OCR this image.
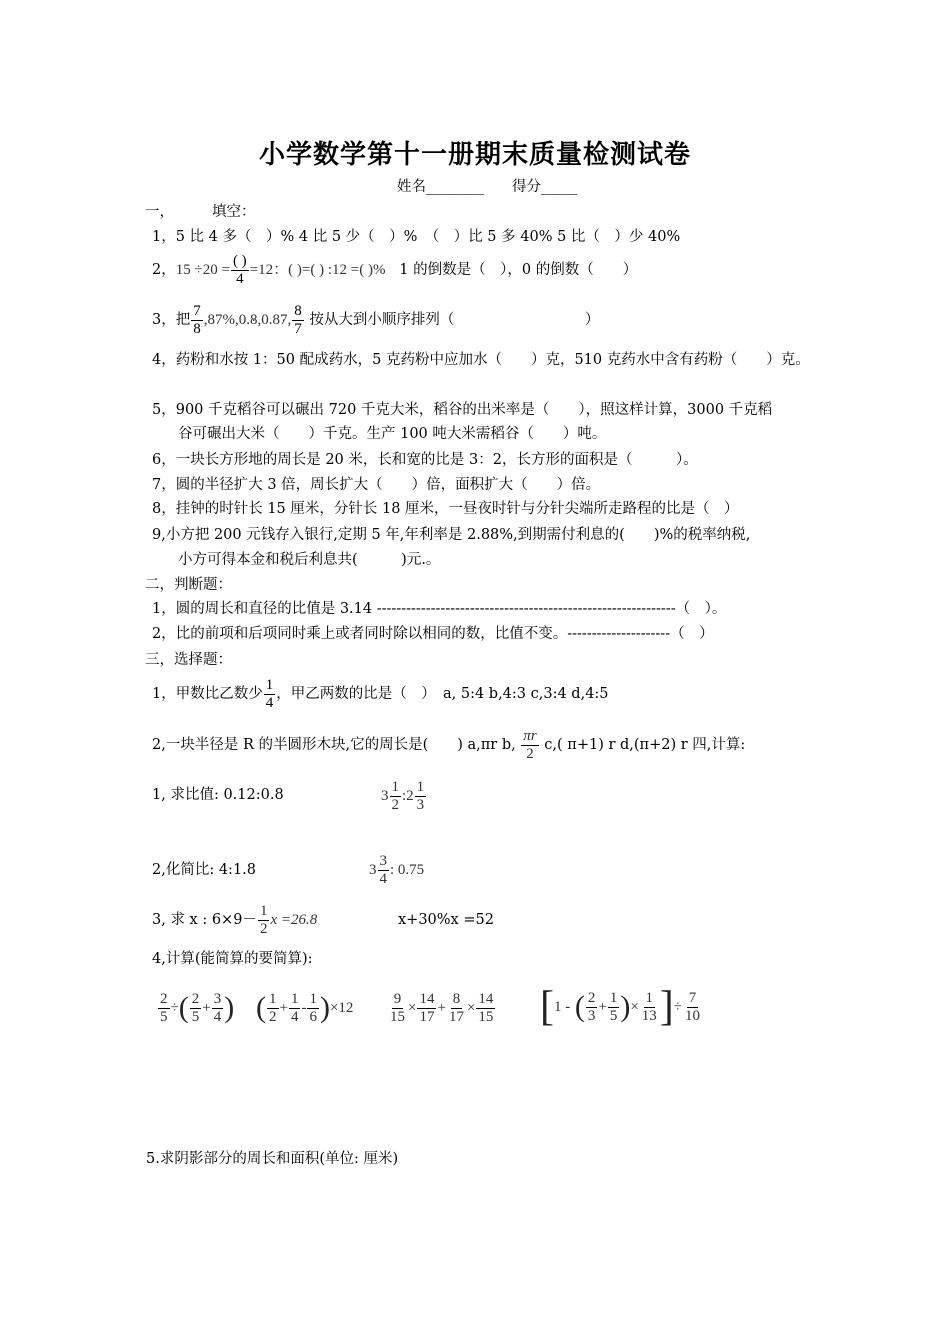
小学数学第十一册期末质量检测试卷
姓名________ 得分_____
一，	填空：
1，5 比 4 多（　）% 4 比 5 少（　）%　（　）比 5 多 40% 5 比（　）少 40%
2，15 ÷20 =
( )
4
=12：( )=( ) :12 =( )% 1 的倒数是（　），0 的倒数（　　）
3，把 $\frac{7}{8} ,87\%,0.8 \cdot,0.87$ ·, $\frac{8}{7}$ 按从大到小顺序排列（　　　　　　　　　）
4，药粉和水按 1：50 配成药水，5 克药粉中应加水（　　）克，510 克药水中含有药粉（　　）克。
5，900 千克稻谷可以碾出 720 千克大米，稻谷的出米率是（　　），照这样计算，3000 千克稻
谷可碾出大米（　　）千克。生产 100 吨大米需稻谷（　　）吨。
6，一块长方形地的周长是 20 米，长和宽的比是 3：2，长方形的面积是（　　　）。
7，圆的半径扩大 3 倍，周长扩大（　　）倍，面积扩大（　　）倍。
8，挂钟的时针长 15 厘米，分针长 18 厘米，一昼夜时针与分针尖端所走路程的比是（　）
9,小方把 200 元钱存入银行,定期 5 年,年利率是 2.88%,到期需付利息的(　　)%的税率纳税,
小方可得本金和税后利息共(　　　)元.。
二，判断题：
1，圆的周长和直径的比值是 3.14 -------------------------------------------------------------（　）。
2，比的前项和后项同时乘上或者同时除以相同的数，比值不变。---------------------（　）
三，选择题：
1，甲数比乙数少 $\frac{1}{4}$ ，甲乙两数的比是（　）　a, 5:4 b,4:3 c,3:4 d,4:5
2,一块半径是 R 的半圆形木块,它的周长是(　　) a,πr b, $\frac{\pi r}{2} c$,( π+1) r d,(π+2) r 四,计算:
1, 求比值: 0.12:0.8	$3 \frac{1}{2}$ :2 $\frac{1}{3}$
2,化简比: 4:1.8	$3 \frac{3}{4}$ : 0.75
3, 求 x : $6\times 9- \frac{1}{2}$ x =26.8	x+30%x =52
4,计算(能简算的要简算):
$\frac{2}{5}$ ÷( $\frac{2}{5} + \frac{3}{4}$ ) ( $\frac{1}{2} + \frac{1}{4} - \frac{1}{6} )\times 12 \frac{9}{15} \times \frac{14}{17} + \frac{8}{17} \times \frac{14}{15} [1$ - ( $\frac{2}{3} + \frac{1}{5}$ )× $\frac{1}{13}$ ]÷ $\frac{7}{10}$
5.求阴影部分的周长和面积(单位: 厘米)
